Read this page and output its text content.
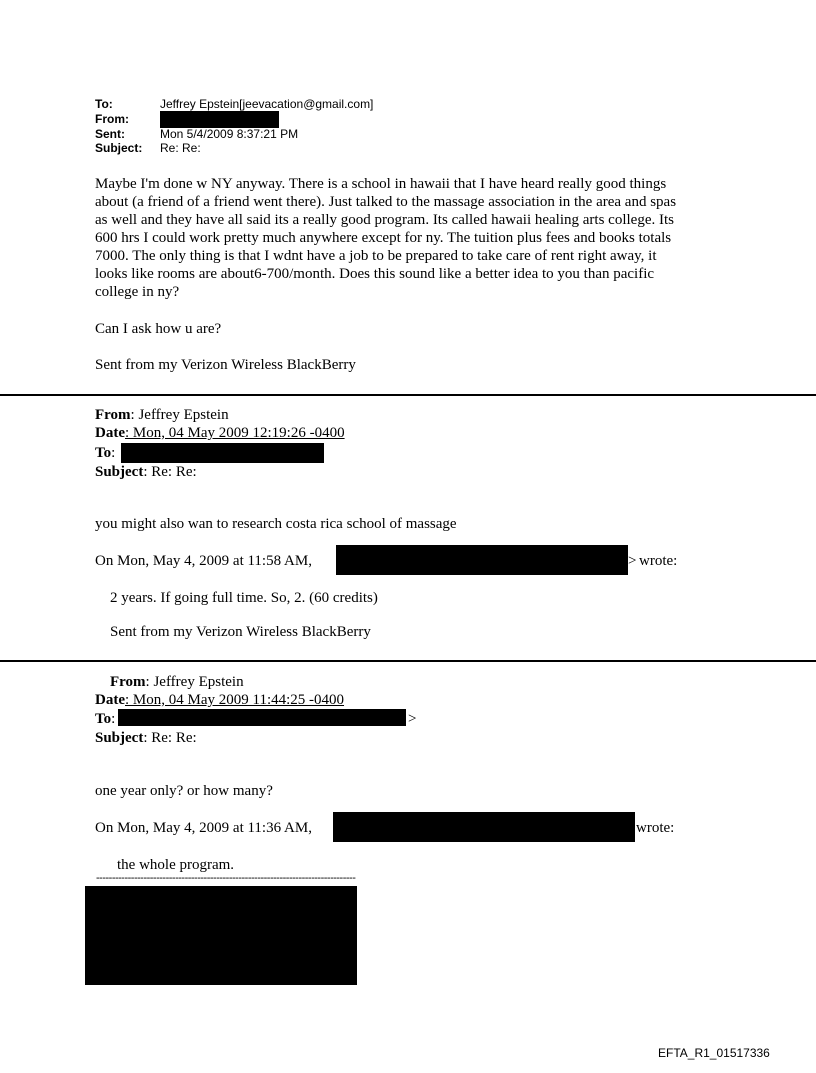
To:	Jeffrey Epstein[jeevacation@gmail.com]
From:
Sent:	Mon 5/4/2009 8:37:21 PM
Subject: Re: Re:
Maybe I'm done w NY anyway. There is a school in hawaii that I have heard really good things
about (a friend of a friend went there). Just talked to the massage association in the area and spas
as well and they have all said its a really good program. Its called hawaii healing arts college. Its
600 hrs I could work pretty much anywhere except for ny. The tuition plus fees and books totals
7000. The only thing is that I wdnt have a job to be prepared to take care of rent right away, it
looks like rooms are about6-700/month. Does this sound like a better idea to you than pacific
college in ny?
Can I ask how u are?
Sent from my Verizon Wireless BlackBerry
From: Jeffrey Epstein
Date: Mon, 04 May 2009 12:19:26 -0400
To:
Subject: Re: Re:
you might also wan to research costa rica school of massage
On Mon, May 4, 2009 at 11:58 AM,	> wrote:
2 years. If going full time. So, 2. (60 credits)
Sent from my Verizon Wireless BlackBerry
From: Jeffrey Epstein
Date: Mon, 04 May 2009 11:44:25 -0400
To:	>
Subject: Re: Re:
one year only? or how many?
On Mon, May 4, 2009 at 11:36 AM,	wrote:
the whole program.
----------------------------------------------------------------------------------
EFTA_R1_01517336
